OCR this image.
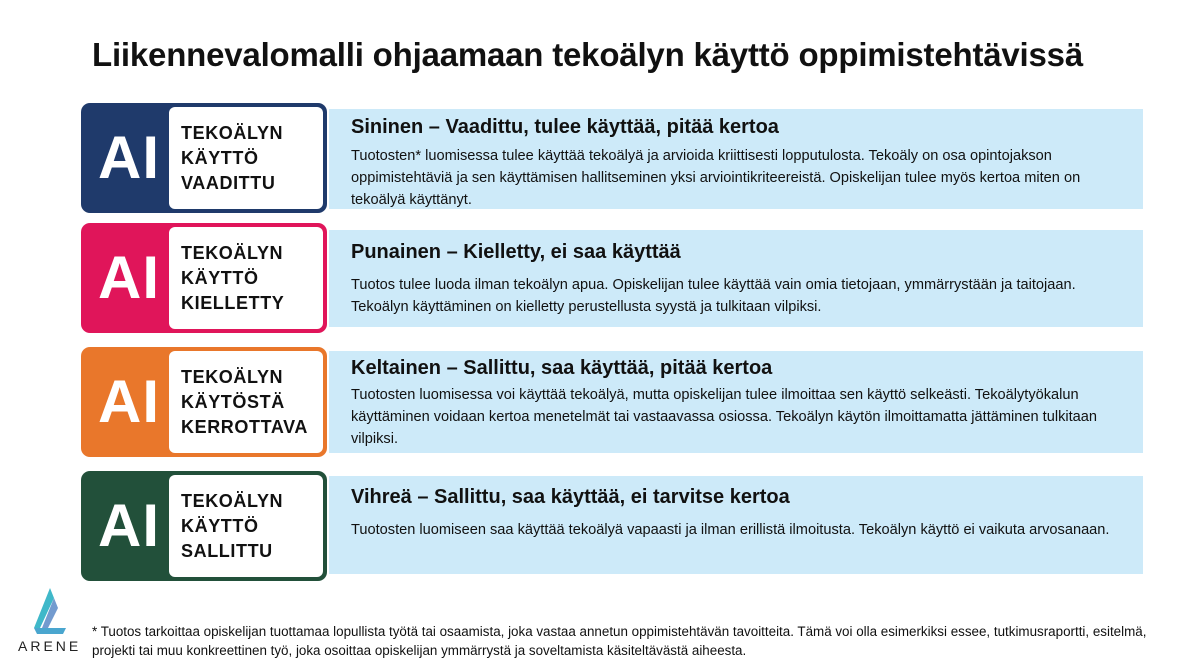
Liikennevalomalli ohjaamaan tekoälyn käyttö oppimistehtävissä
Sininen – Vaadittu, tulee käyttää, pitää kertoa

Tuotosten* luomisessa tulee käyttää tekoälyä ja arvioida kriittisesti lopputulosta. Tekoäly on osa opintojakson oppimistehtäviä ja sen käyttämisen hallitseminen yksi arviointikriteereistä. Opiskelijan tulee myös kertoa miten on tekoälyä käyttänyt.

AI	TEKOÄLYN
KÄYTTÖ
VAADITTU
Punainen – Kielletty, ei saa käyttää

Tuotos tulee luoda ilman tekoälyn apua. Opiskelijan tulee käyttää vain omia tietojaan, ymmärrystään ja taitojaan. Tekoälyn käyttäminen on kielletty perustellusta syystä ja tulkitaan vilpiksi.

AI	TEKOÄLYN
KÄYTTÖ
KIELLETTY
Keltainen – Sallittu, saa käyttää, pitää kertoa

Tuotosten luomisessa voi käyttää tekoälyä, mutta opiskelijan tulee ilmoittaa sen käyttö selkeästi. Tekoälytyökalun käyttäminen voidaan kertoa menetelmät tai vastaavassa osiossa. Tekoälyn käytön ilmoittamatta jättäminen tulkitaan vilpiksi.

AI	TEKOÄLYN
KÄYTÖSTÄ
KERROTTAVA
Vihreä – Sallittu, saa käyttää, ei tarvitse kertoa

Tuotosten luomiseen saa käyttää tekoälyä vapaasti ja ilman erillistä ilmoitusta. Tekoälyn käyttö ei vaikuta arvosanaan.

AI	TEKOÄLYN
KÄYTTÖ
SALLITTU
ARENE
* Tuotos tarkoittaa opiskelijan tuottamaa lopullista työtä tai osaamista, joka vastaa annetun oppimistehtävän tavoitteita. Tämä voi olla esimerkiksi essee, tutkimusraportti, esitelmä, projekti tai muu konkreettinen työ, joka osoittaa opiskelijan ymmärrystä ja soveltamista käsiteltävästä aiheesta.
